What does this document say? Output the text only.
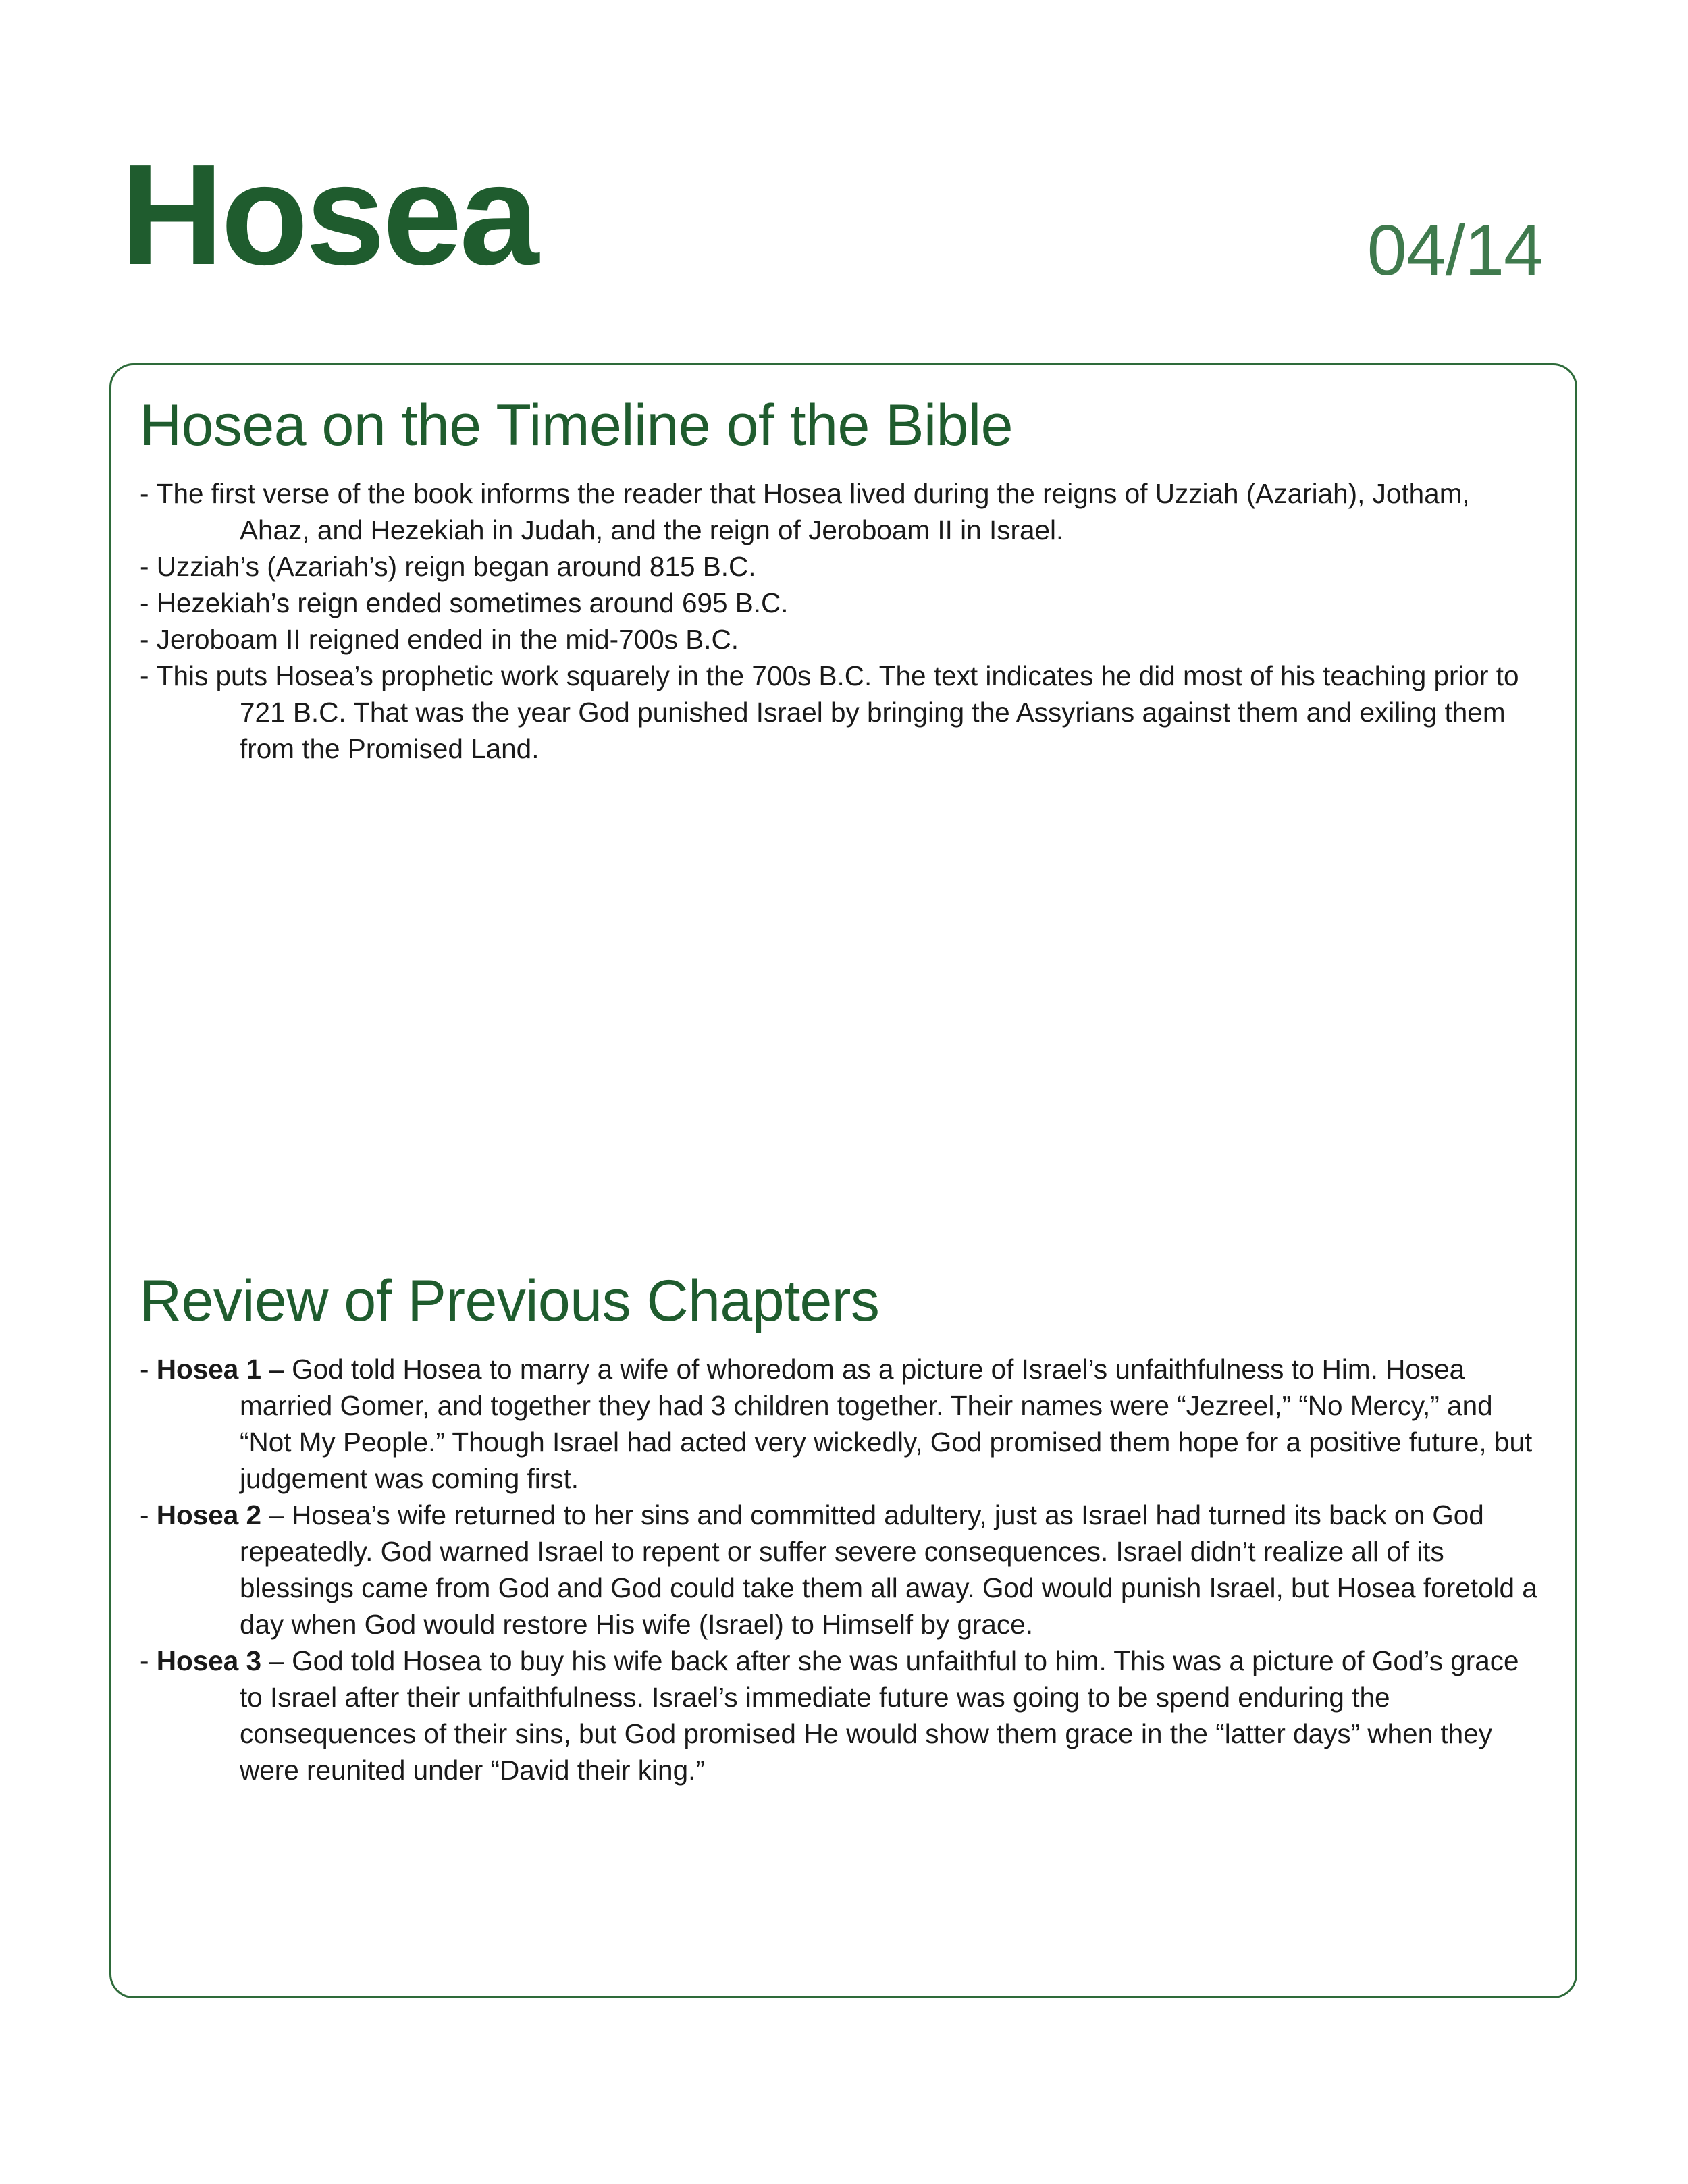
Hosea	04/14
Hosea on the Timeline of the Bible
- The first verse of the book informs the reader that Hosea lived during the reigns of Uzziah (Azariah), Jotham, Ahaz, and Hezekiah in Judah, and the reign of Jeroboam II in Israel.
- Uzziah’s (Azariah’s) reign began around 815 B.C.
- Hezekiah’s reign ended sometimes around 695 B.C.
- Jeroboam II reigned ended in the mid-700s B.C.
- This puts Hosea’s prophetic work squarely in the 700s B.C. The text indicates he did most of his teaching prior to 721 B.C. That was the year God punished Israel by bringing the Assyrians against them and exiling them from the Promised Land.
Review of Previous Chapters
- Hosea 1 – God told Hosea to marry a wife of whoredom as a picture of Israel’s unfaithfulness to Him. Hosea married Gomer, and together they had 3 children together. Their names were “Jezreel,” “No Mercy,” and “Not My People.” Though Israel had acted very wickedly, God promised them hope for a positive future, but judgement was coming first.
- Hosea 2 – Hosea’s wife returned to her sins and committed adultery, just as Israel had turned its back on God repeatedly. God warned Israel to repent or suffer severe consequences. Israel didn’t realize all of its blessings came from God and God could take them all away. God would punish Israel, but Hosea foretold a day when God would restore His wife (Israel) to Himself by grace.
- Hosea 3 – God told Hosea to buy his wife back after she was unfaithful to him. This was a picture of God’s grace to Israel after their unfaithfulness. Israel’s immediate future was going to be spend enduring the consequences of their sins, but God promised He would show them grace in the “latter days” when they were reunited under “David their king.”
